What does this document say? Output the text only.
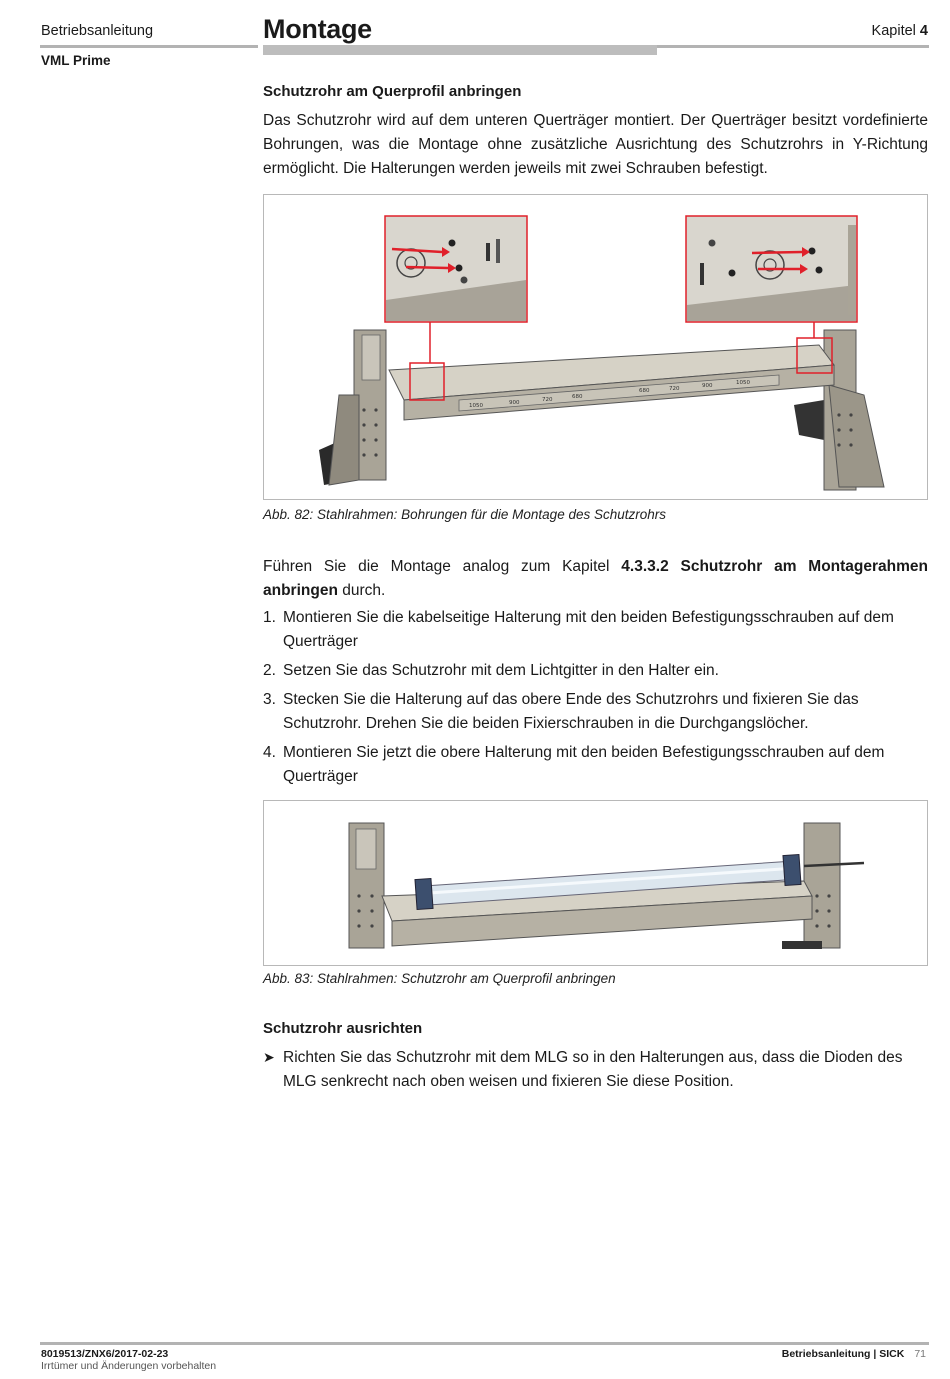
Betriebsanleitung	Montage	Kapitel 4
VML Prime
Schutzrohr am Querprofil anbringen
Das Schutzrohr wird auf dem unteren Querträger montiert. Der Querträger besitzt vordefinierte Bohrungen, was die Montage ohne zusätzliche Ausrichtung des Schutzrohrs in Y-Richtung ermöglicht. Die Halterungen werden jeweils mit zwei Schrauben befestigt.
1050	900	720	680
680	720	900	1050
Abb. 82: Stahlrahmen: Bohrungen für die Montage des Schutzrohrs
Führen Sie die Montage analog zum Kapitel 4.3.3.2 Schutzrohr am Montagerahmen anbringen durch.
1. Montieren Sie die kabelseitige Halterung mit den beiden Befestigungsschrauben auf dem Querträger
2. Setzen Sie das Schutzrohr mit dem Lichtgitter in den Halter ein.
3. Stecken Sie die Halterung auf das obere Ende des Schutzrohrs und fixieren Sie das Schutzrohr. Drehen Sie die beiden Fixierschrauben in die Durchgangslöcher.
4. Montieren Sie jetzt die obere Halterung mit den beiden Befestigungsschrauben auf dem Querträger
Abb. 83: Stahlrahmen: Schutzrohr am Querprofil anbringen
Schutzrohr ausrichten
➤ Richten Sie das Schutzrohr mit dem MLG so in den Halterungen aus, dass die Dioden des MLG senkrecht nach oben weisen und fixieren Sie diese Position.
8019513/ZNX6/2017-02-23
Irrtümer und Änderungen vorbehalten
Betriebsanleitung | SICK 71
